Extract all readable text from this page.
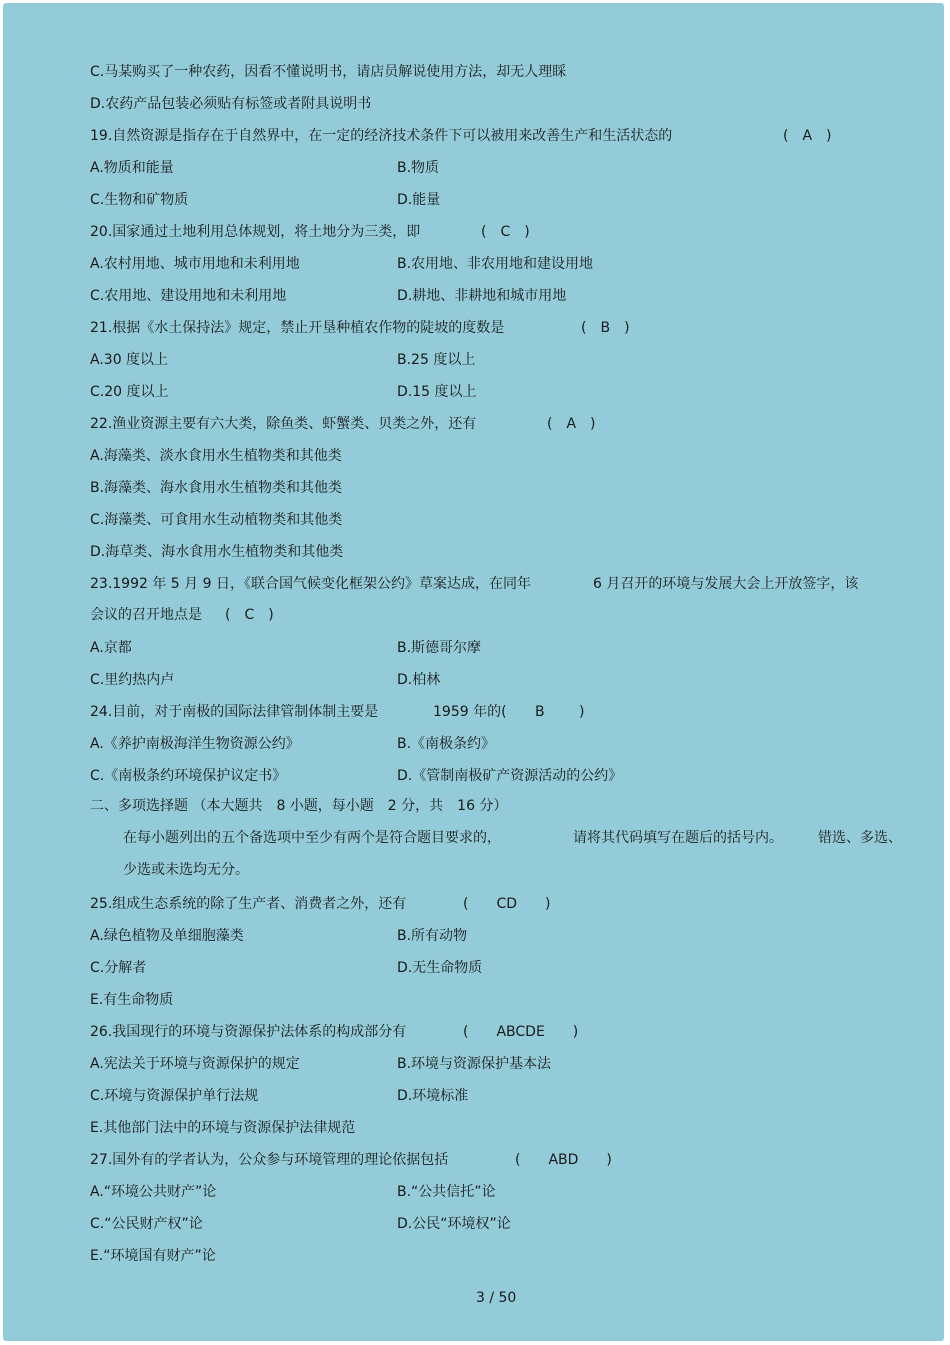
C.马某购买了一种农药，因看不懂说明书，请店员解说使用方法，却无人理睬
D.农药产品包装必须贴有标签或者附具说明书
19.自然资源是指存在于自然界中，在一定的经济技术条件下可以被用来改善生产和生活状态的	(　A　)
A.物质和能量	B.物质
C.生物和矿物质	D.能量
20.国家通过土地利用总体规划，将土地分为三类，即	(　C　)
A.农村用地、城市用地和未利用地	B.农用地、非农用地和建设用地
C.农用地、建设用地和未利用地	D.耕地、非耕地和城市用地
21.根据《水土保持法》规定，禁止开垦种植农作物的陡坡的度数是	(　B　)
A.30 度以上	B.25 度以上
C.20 度以上	D.15 度以上
22.渔业资源主要有六大类，除鱼类、虾蟹类、贝类之外，还有	(　A　)
A.海藻类、淡水食用水生植物类和其他类
B.海藻类、海水食用水生植物类和其他类
C.海藻类、可食用水生动植物类和其他类
D.海草类、海水食用水生植物类和其他类
23.1992 年 5 月 9 日，《联合国气候变化框架公约》草案达成，在同年	6 月召开的环境与发展大会上开放签字，该
会议的召开地点是 (　C　)
A.京都	B.斯德哥尔摩
C.里约热内卢	D.柏林
24.目前，对于南极的国际法律管制体制主要是	1959 年的( B )
A.《养护南极海洋生物资源公约》	B.《南极条约》
C.《南极条约环境保护议定书》	D.《管制南极矿产资源活动的公约》
二、多项选择题 （本大题共　8 小题，每小题　2 分，共　16 分）
在每小题列出的五个备选项中至少有两个是符合题目要求的，	请将其代码填写在题后的括号内。	错选、多选、
少选或未选均无分。
25.组成生态系统的除了生产者、消费者之外，还有	(　　CD　　)
A.绿色植物及单细胞藻类	B.所有动物
C.分解者	D.无生命物质
E.有生命物质
26.我国现行的环境与资源保护法体系的构成部分有	(　　ABCDE　　)
A.宪法关于环境与资源保护的规定	B.环境与资源保护基本法
C.环境与资源保护单行法规	D.环境标准
E.其他部门法中的环境与资源保护法律规范
27.国外有的学者认为，公众参与环境管理的理论依据包括	(　　ABD　　)
A.“环境公共财产”论	B.“公共信托”论
C.“公民财产权”论	D.公民“环境权”论
E.“环境国有财产”论
3 / 50
